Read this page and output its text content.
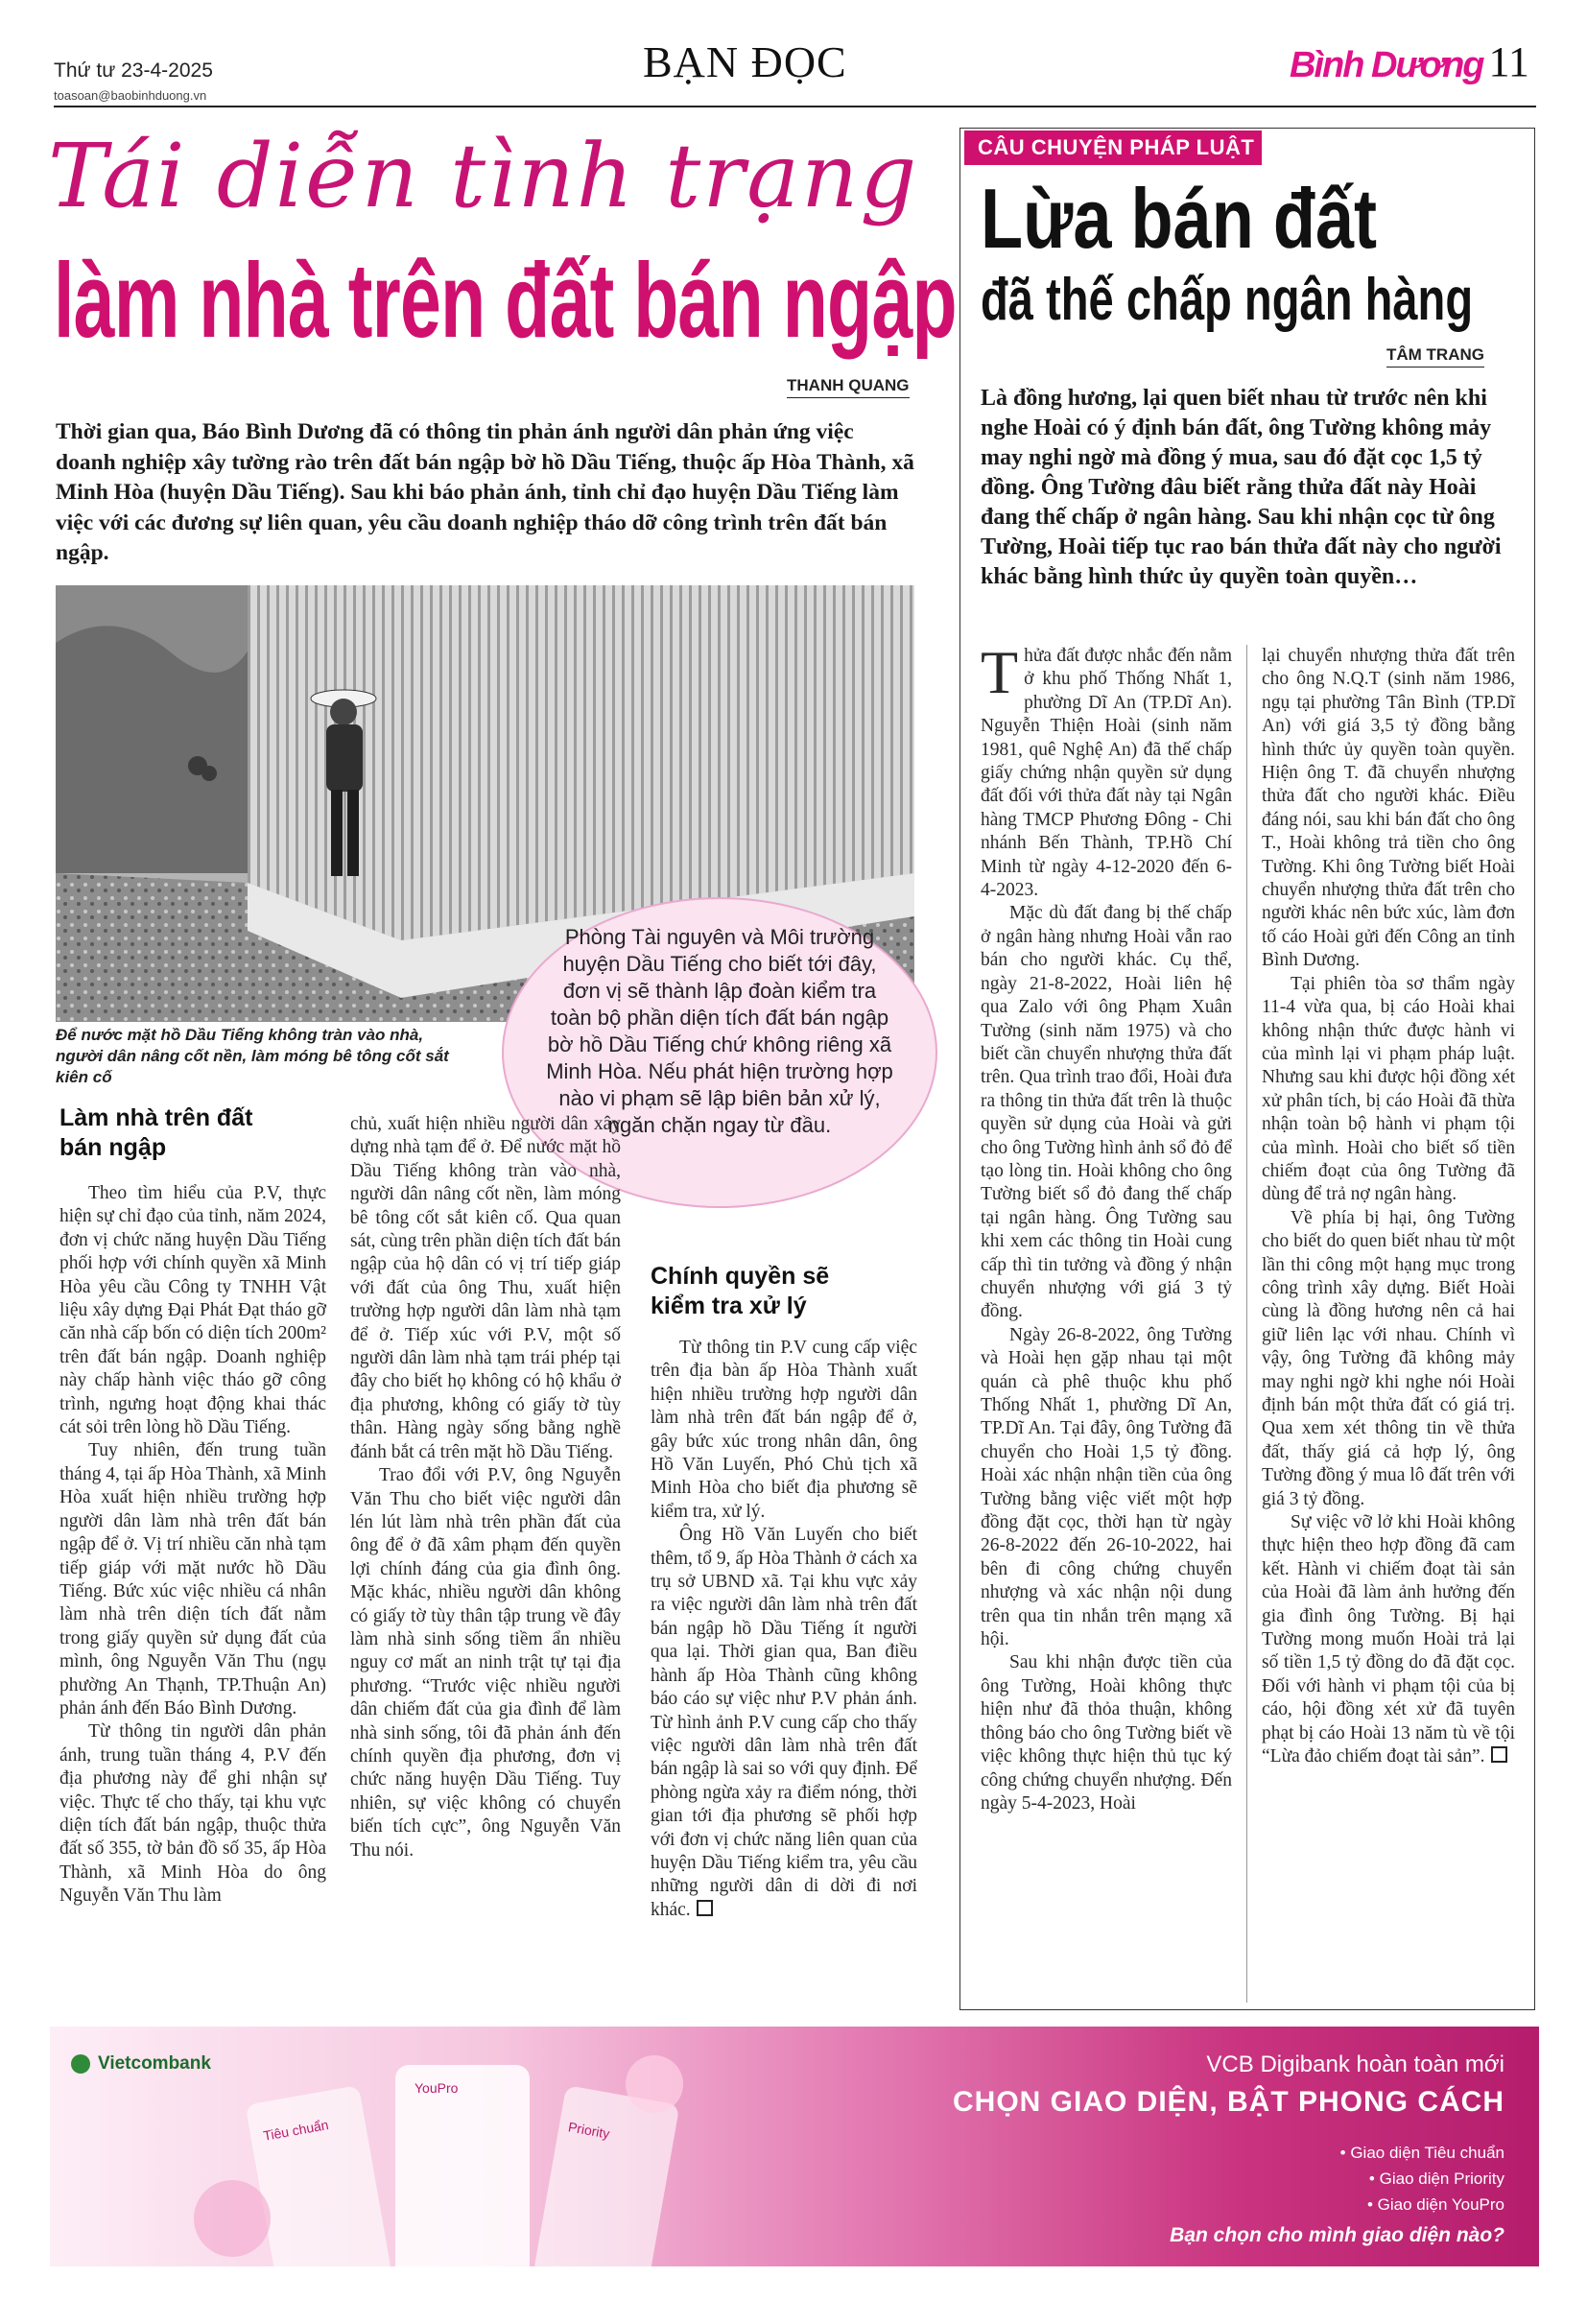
Thứ tư 23-4-2025
toasoan@baobinhduong.vn
BẠN ĐỌC	Bình Dương 11
Tái diễn tình trạng
làm nhà trên đất bán ngập
THANH QUANG
Thời gian qua, Báo Bình Dương đã có thông tin phản ánh người dân phản ứng việc doanh nghiệp xây tường rào trên đất bán ngập bờ hồ Dầu Tiếng, thuộc ấp Hòa Thành, xã Minh Hòa (huyện Dầu Tiếng). Sau khi báo phản ánh, tỉnh chỉ đạo huyện Dầu Tiếng làm việc với các đương sự liên quan, yêu cầu doanh nghiệp tháo dỡ công trình trên đất bán ngập.
Để nước mặt hồ Dầu Tiếng không tràn vào nhà, người dân nâng cốt nền, làm móng bê tông cốt sắt kiên cố
Phòng Tài nguyên và Môi trường huyện Dầu Tiếng cho biết tới đây, đơn vị sẽ thành lập đoàn kiểm tra toàn bộ phần diện tích đất bán ngập bờ hồ Dầu Tiếng chứ không riêng xã Minh Hòa. Nếu phát hiện trường hợp nào vi phạm sẽ lập biên bản xử lý, ngăn chặn ngay từ đầu.
Làm nhà trên đất bán ngập

Theo tìm hiểu của P.V, thực hiện sự chỉ đạo của tỉnh, năm 2024, đơn vị chức năng huyện Dầu Tiếng phối hợp với chính quyền xã Minh Hòa yêu cầu Công ty TNHH Vật liệu xây dựng Đại Phát Đạt tháo gỡ căn nhà cấp bốn có diện tích 200m² trên đất bán ngập. Doanh nghiệp này chấp hành việc tháo gỡ công trình, ngưng hoạt động khai thác cát sỏi trên lòng hồ Dầu Tiếng.

Tuy nhiên, đến trung tuần tháng 4, tại ấp Hòa Thành, xã Minh Hòa xuất hiện nhiều trường hợp người dân làm nhà trên đất bán ngập để ở. Vị trí nhiều căn nhà tạm tiếp giáp với mặt nước hồ Dầu Tiếng. Bức xúc việc nhiều cá nhân làm nhà trên diện tích đất nằm trong giấy quyền sử dụng đất của mình, ông Nguyễn Văn Thu (ngụ phường An Thạnh, TP.Thuận An) phản ánh đến Báo Bình Dương.

Từ thông tin người dân phản ánh, trung tuần tháng 4, P.V đến địa phương này để ghi nhận sự việc. Thực tế cho thấy, tại khu vực diện tích đất bán ngập, thuộc thửa đất số 355, tờ bản đồ số 35, ấp Hòa Thành, xã Minh Hòa do ông Nguyễn Văn Thu làm

chủ, xuất hiện nhiều người dân xây dựng nhà tạm để ở. Để nước mặt hồ Dầu Tiếng không tràn vào nhà, người dân nâng cốt nền, làm móng bê tông cốt sắt kiên cố. Qua quan sát, cùng trên phần diện tích đất bán ngập của hộ dân có vị trí tiếp giáp với đất của ông Thu, xuất hiện trường hợp người dân làm nhà tạm để ở. Tiếp xúc với P.V, một số người dân làm nhà tạm trái phép tại đây cho biết họ không có hộ khẩu ở địa phương, không có giấy tờ tùy thân. Hàng ngày sống bằng nghề đánh bắt cá trên mặt hồ Dầu Tiếng.

Trao đổi với P.V, ông Nguyễn Văn Thu cho biết việc người dân lén lút làm nhà trên phần đất của ông để ở đã xâm phạm đến quyền lợi chính đáng của gia đình ông. Mặc khác, nhiều người dân không có giấy tờ tùy thân tập trung về đây làm nhà sinh sống tiềm ẩn nhiều nguy cơ mất an ninh trật tự tại địa phương. “Trước việc nhiều người dân chiếm đất của gia đình để làm nhà sinh sống, tôi đã phản ánh đến chính quyền địa phương, đơn vị chức năng huyện Dầu Tiếng. Tuy nhiên, sự việc không có chuyển biến tích cực”, ông Nguyễn Văn Thu nói.

Chính quyền sẽ kiểm tra xử lý

Từ thông tin P.V cung cấp việc trên địa bàn ấp Hòa Thành xuất hiện nhiều trường hợp người dân làm nhà trên đất bán ngập để ở, gây bức xúc trong nhân dân, ông Hồ Văn Luyến, Phó Chủ tịch xã Minh Hòa cho biết địa phương sẽ kiểm tra, xử lý.

Ông Hồ Văn Luyến cho biết thêm, tổ 9, ấp Hòa Thành ở cách xa trụ sở UBND xã. Tại khu vực xảy ra việc người dân làm nhà trên đất bán ngập hồ Dầu Tiếng ít người qua lại. Thời gian qua, Ban điều hành ấp Hòa Thành cũng không báo cáo sự việc như P.V phản ánh. Từ hình ảnh P.V cung cấp cho thấy việc người dân làm nhà trên đất bán ngập là sai so với quy định. Để phòng ngừa xảy ra điểm nóng, thời gian tới địa phương sẽ phối hợp với đơn vị chức năng liên quan của huyện Dầu Tiếng kiểm tra, yêu cầu những người dân di dời đi nơi khác.

CÂU CHUYỆN PHÁP LUẬT
Lừa bán đất
đã thế chấp ngân hàng
TÂM TRANG
Là đồng hương, lại quen biết nhau từ trước nên khi nghe Hoài có ý định bán đất, ông Tường không mảy may nghi ngờ mà đồng ý mua, sau đó đặt cọc 1,5 tỷ đồng. Ông Tường đâu biết rằng thửa đất này Hoài đang thế chấp ở ngân hàng. Sau khi nhận cọc từ ông Tường, Hoài tiếp tục rao bán thửa đất này cho người khác bằng hình thức ủy quyền toàn quyền…

Thửa đất được nhắc đến nằm ở khu phố Thống Nhất 1, phường Dĩ An (TP.Dĩ An). Nguyễn Thiện Hoài (sinh năm 1981, quê Nghệ An) đã thế chấp giấy chứng nhận quyền sử dụng đất đối với thửa đất này tại Ngân hàng TMCP Phương Đông - Chi nhánh Bến Thành, TP.Hồ Chí Minh từ ngày 4-12-2020 đến 6-4-2023.

Mặc dù đất đang bị thế chấp ở ngân hàng nhưng Hoài vẫn rao bán cho người khác. Cụ thể, ngày 21-8-2022, Hoài liên hệ qua Zalo với ông Phạm Xuân Tường (sinh năm 1975) và cho biết cần chuyển nhượng thửa đất trên. Qua trình trao đổi, Hoài đưa ra thông tin thửa đất trên là thuộc quyền sử dụng của Hoài và gửi cho ông Tường hình ảnh sổ đỏ để tạo lòng tin. Hoài không cho ông Tường biết sổ đỏ đang thế chấp tại ngân hàng. Ông Tường sau khi xem các thông tin Hoài cung cấp thì tin tưởng và đồng ý nhận chuyển nhượng với giá 3 tỷ đồng.

Ngày 26-8-2022, ông Tường và Hoài hẹn gặp nhau tại một quán cà phê thuộc khu phố Thống Nhất 1, phường Dĩ An, TP.Dĩ An. Tại đây, ông Tường đã chuyển cho Hoài 1,5 tỷ đồng. Hoài xác nhận nhận tiền của ông Tường bằng việc viết một hợp đồng đặt cọc, thời hạn từ ngày 26-8-2022 đến 26-10-2022, hai bên đi công chứng chuyển nhượng và xác nhận nội dung trên qua tin nhắn trên mạng xã hội.

Sau khi nhận được tiền của ông Tường, Hoài không thực hiện như đã thỏa thuận, không thông báo cho ông Tường biết về việc không thực hiện thủ tục ký công chứng chuyển nhượng. Đến ngày 5-4-2023, Hoài

lại chuyển nhượng thửa đất trên cho ông N.Q.T (sinh năm 1986, ngụ tại phường Tân Bình (TP.Dĩ An) với giá 3,5 tỷ đồng bằng hình thức ủy quyền toàn quyền. Hiện ông T. đã chuyển nhượng thửa đất cho người khác. Điều đáng nói, sau khi bán đất cho ông T., Hoài không trả tiền cho ông Tường. Khi ông Tường biết Hoài chuyển nhượng thửa đất trên cho người khác nên bức xúc, làm đơn tố cáo Hoài gửi đến Công an tỉnh Bình Dương.

Tại phiên tòa sơ thẩm ngày 11-4 vừa qua, bị cáo Hoài khai không nhận thức được hành vi của mình lại vi phạm pháp luật. Nhưng sau khi được hội đồng xét xử phân tích, bị cáo Hoài đã thừa nhận toàn bộ hành vi phạm tội của mình. Hoài cho biết số tiền chiếm đoạt của ông Tường đã dùng để trả nợ ngân hàng.

Về phía bị hại, ông Tường cho biết do quen biết nhau từ một lần thi công một hạng mục trong công trình xây dựng. Biết Hoài cùng là đồng hương nên cả hai giữ liên lạc với nhau. Chính vì vậy, ông Tường đã không mảy may nghi ngờ khi nghe nói Hoài định bán một thửa đất có giá trị. Qua xem xét thông tin về thửa đất, thấy giá cả hợp lý, ông Tường đồng ý mua lô đất trên với giá 3 tỷ đồng.

Sự việc vỡ lở khi Hoài không thực hiện theo hợp đồng đã cam kết. Hành vi chiếm đoạt tài sản của Hoài đã làm ảnh hưởng đến gia đình ông Tường. Bị hại Tường mong muốn Hoài trả lại số tiền 1,5 tỷ đồng do đã đặt cọc. Đối với hành vi phạm tội của bị cáo, hội đồng xét xử đã tuyên phạt bị cáo Hoài 13 năm tù về tội “Lừa đảo chiếm đoạt tài sản”.

Vietcombank
Tiêu chuẩn
YouPro
Priority
VCB Digibank hoàn toàn mới
CHỌN GIAO DIỆN, BẬT PHONG CÁCH
• Giao diện Tiêu chuẩn
• Giao diện Priority
• Giao diện YouPro
Bạn chọn cho mình giao diện nào?
